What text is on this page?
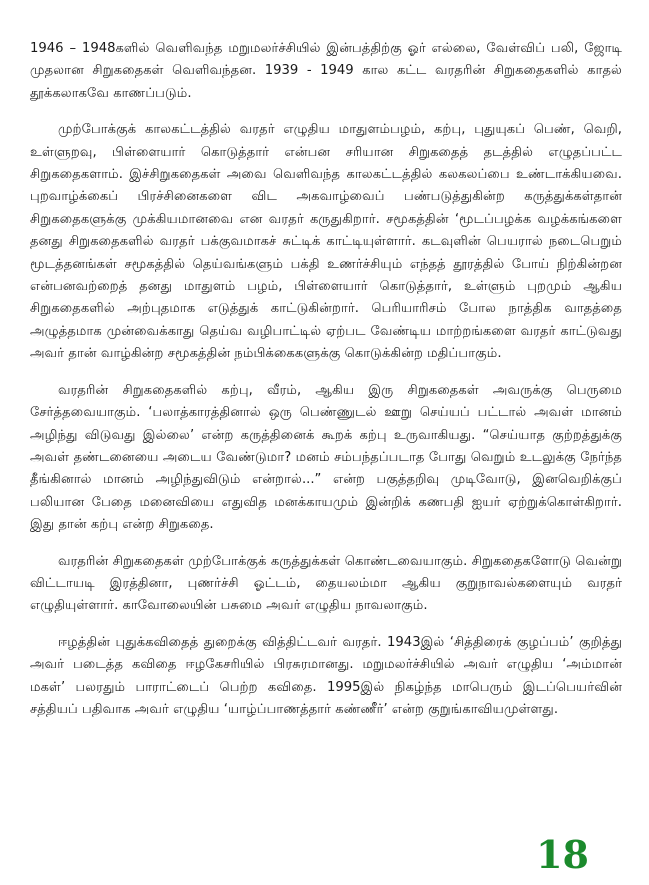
1946 – 1948களில் வெளிவந்த மறுமலர்ச்சியில் இன்பத்திற்கு ஓர் எல்லை, வேள்விப் பலி, ஜோடி முதலான சிறுகதைகள் வெளிவந்தன. 1939 - 1949 கால கட்ட வரதரின் சிறுகதைகளில் காதல் தூக்கலாகவே காணப்படும்.

முற்போக்குக் காலகட்டத்தில் வரதர் எழுதிய மாதுளம்பழம், கற்பு, புதுயுகப் பெண், வெறி, உள்ளுறவு, பிள்ளையார் கொடுத்தார் என்பன சரியான சிறுகதைத் தடத்தில் எழுதப்பட்ட சிறுகதைகளாம். இச்சிறுகதைகள் அவை வெளிவந்த காலகட்டத்தில் கலகலப்பை உண்டாக்கியவை. புறவாழ்க்கைப் பிரச்சினைகளை விட அகவாழ்வைப் பண்படுத்துகின்ற கருத்துக்கள்தான் சிறுகதைகளுக்கு முக்கியமானவை என வரதர் கருதுகிறார். சமூகத்தின் ‘மூடப்பழக்க வழக்கங்களை தனது சிறுகதைகளில் வரதர் பக்குவமாகச் சுட்டிக் காட்டியுள்ளார். கடவுளின் பெயரால் நடைபெறும் மூடத்தனங்கள் சமூகத்தில் தெய்வங்களும் பக்தி உணர்ச்சியும் எந்தத் தூரத்தில் போய் நிற்கின்றன என்பனவற்றைத் தனது மாதுளம் பழம், பிள்ளையார் கொடுத்தார், உள்ளும் புறமும் ஆகிய சிறுகதைகளில் அற்புதமாக எடுத்துக் காட்டுகின்றார். பெரியாரிசம் போல நாத்திக வாதத்தை அழுத்தமாக முன்வைக்காது தெய்வ வழிபாட்டில் ஏற்பட வேண்டிய மாற்றங்களை வரதர் காட்டுவது அவர் தான் வாழ்கின்ற சமூகத்தின் நம்பிக்கைகளுக்கு கொடுக்கின்ற மதிப்பாகும்.

வரதரின் சிறுகதைகளில் கற்பு, வீரம், ஆகிய இரு சிறுகதைகள் அவருக்கு பெருமை சேர்த்தவையாகும். ‘பலாத்காரத்தினால் ஒரு பெண்ணுடல் ஊறு செய்யப் பட்டால் அவள் மானம் அழிந்து விடுவது இல்லை’ என்ற கருத்தினைக் கூறக் கற்பு உருவாகியது. “செய்யாத குற்றத்துக்கு அவள் தண்டனையை அடைய வேண்டுமா? மனம் சம்பந்தப்படாத போது வெறும் உடலுக்கு நேர்ந்த தீங்கினால் மானம் அழிந்துவிடும் என்றால்...” என்ற பகுத்தறிவு முடிவோடு, இனவெறிக்குப் பலியான பேதை மனைவியை எதுவித மனக்காயமும் இன்றிக் கணபதி ஐயர் ஏற்றுக்கொள்கிறார். இது தான் கற்பு என்ற சிறுகதை.

வரதரின் சிறுகதைகள் முற்போக்குக் கருத்துக்கள் கொண்டவையாகும். சிறுகதைகளோடு வென்று விட்டாயடி இரத்தினா, புணர்ச்சி ஓட்டம், தையலம்மா ஆகிய குறுநாவல்களையும் வரதர் எழுதியுள்ளார். காவோலையின் பசுமை அவர் எழுதிய நாவலாகும்.

ஈழத்தின் புதுக்கவிதைத் துறைக்கு வித்திட்டவர் வரதர். 1943இல் ‘சித்திரைக் குழப்பம்’ குறித்து அவர் படைத்த கவிதை ஈழகேசரியில் பிரசுரமானது. மறுமலர்ச்சியில் அவர் எழுதிய ‘அம்மான் மகள்’ பலரதும் பாராட்டைப் பெற்ற கவிதை. 1995இல் நிகழ்ந்த மாபெரும் இடப்பெயர்வின் சத்தியப் பதிவாக அவர் எழுதிய ‘யாழ்ப்பாணத்தார் கண்ணீர்’ என்ற குறுங்காவியமுள்ளது.

18
